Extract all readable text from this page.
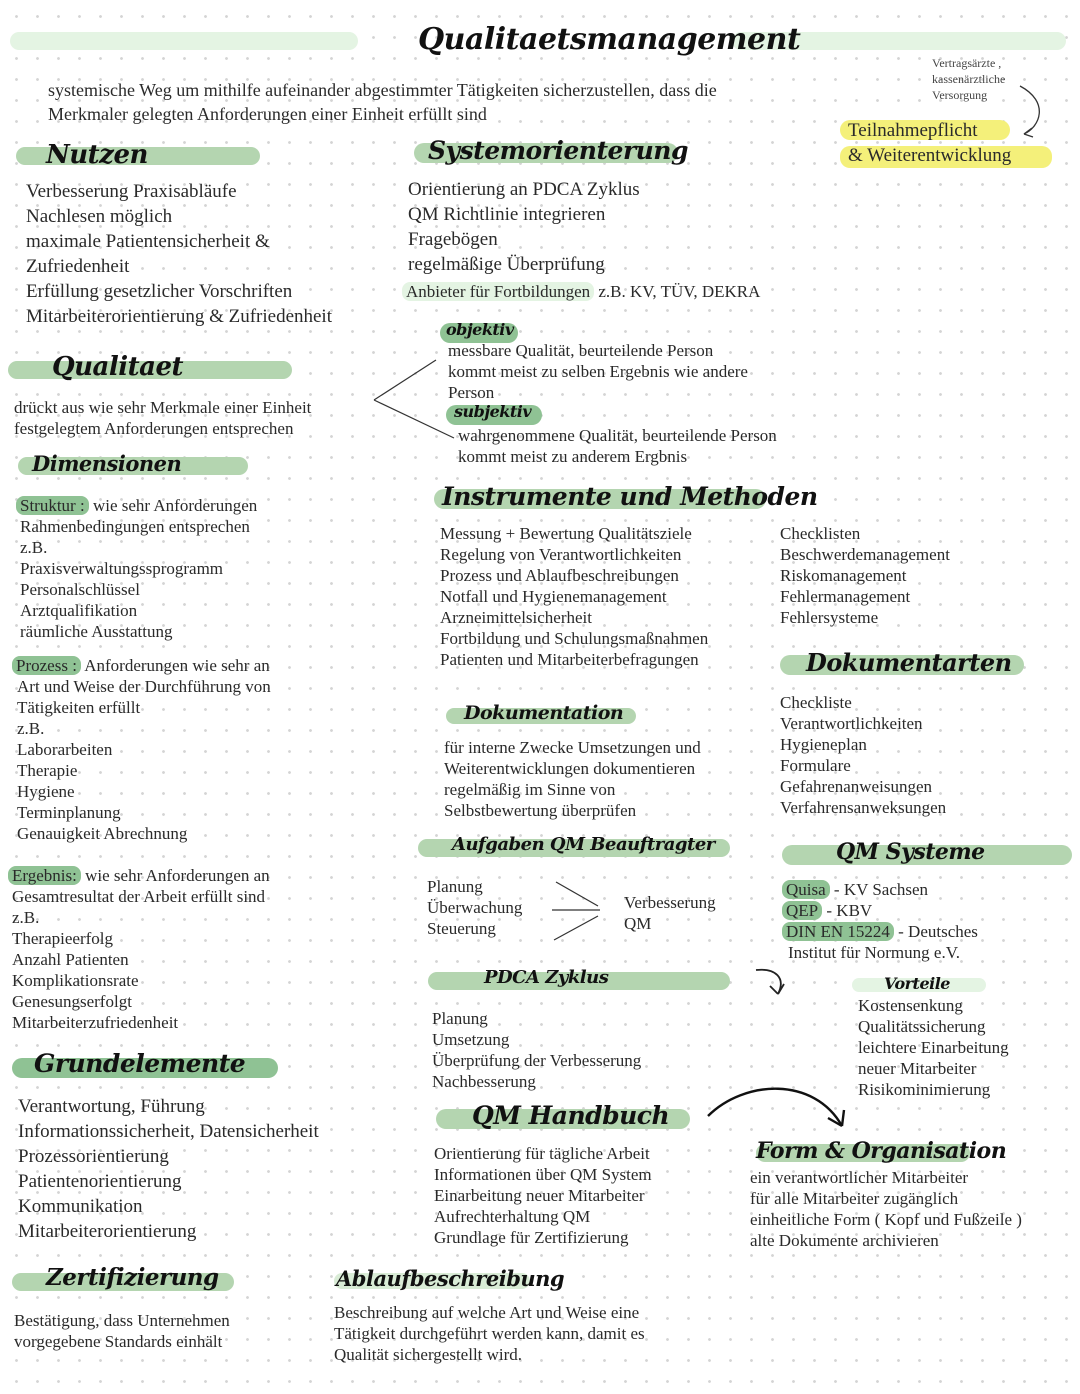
Qualitaetsmanagement
systemische Weg um mithilfe aufeinander abgestimmter Tätigkeiten sicherzustellen, dass die
Merkmaler gelegten Anforderungen einer Einheit erfüllt sind
Vertragsärzte ,
kassenärztliche
Versorgung
Teilnahmepflicht
& Weiterentwicklung
Nutzen
Verbesserung Praxisabläufe
Nachlesen möglich
maximale Patientensicherheit &
Zufriedenheit
Erfüllung gesetzlicher Vorschriften
Mitarbeiterorientierung & Zufriedenheit
Systemorienterung
Orientierung an PDCA Zyklus
QM Richtlinie integrieren
Fragebögen
regelmäßige Überprüfung
Anbieter für Fortbildungen z.B. KV, TÜV, DEKRA
Qualitaet
drückt aus wie sehr Merkmale einer Einheit
festgelegtem Anforderungen entsprechen
objektiv
messbare Qualität, beurteilende Person
kommt meist zu selben Ergebnis wie andere
Person
subjektiv
wahrgenommene Qualität, beurteilende Person
kommt meist zu anderem Ergbnis
Dimensionen
Struktur : wie sehr Anforderungen
Rahmenbedingungen entsprechen
z.B.
Praxisverwaltungssprogramm
Personalschlüssel
Arztqualifikation
räumliche Ausstattung
Prozess : Anforderungen wie sehr an
Art und Weise der Durchführung von
Tätigkeiten erfüllt
z.B.
Laborarbeiten
Therapie
Hygiene
Terminplanung
Genauigkeit Abrechnung
Ergebnis: wie sehr Anforderungen an
Gesamtresultat der Arbeit erfüllt sind
z.B.
Therapieerfolg
Anzahl Patienten
Komplikationsrate
Genesungserfolgt
Mitarbeiterzufriedenheit
Instrumente und Methoden
Messung + Bewertung Qualitätsziele
Regelung von Verantwortlichkeiten
Prozess und Ablaufbeschreibungen
Notfall und Hygienemanagement
Arzneimittelsicherheit
Fortbildung und Schulungsmaßnahmen
Patienten und Mitarbeiterbefragungen
Checklisten
Beschwerdemanagement
Riskomanagement
Fehlermanagement
Fehlersysteme
Dokumentarten
Checkliste
Verantwortlichkeiten
Hygieneplan
Formulare
Gefahrenanweisungen
Verfahrensanweksungen
Dokumentation
für interne Zwecke Umsetzungen und
Weiterentwicklungen dokumentieren
regelmäßig im Sinne von
Selbstbewertung überprüfen
Aufgaben QM Beauftragter
Planung
Überwachung
Steuerung
Verbesserung
QM
QM Systeme
Quisa - KV Sachsen
QEP - KBV
DIN EN 15224 - Deutsches
Institut für Normung e.V.
PDCA Zyklus
Planung
Umsetzung
Überprüfung der Verbesserung
Nachbesserung
Vorteile
Kostensenkung
Qualitätssicherung
leichtere Einarbeitung
neuer Mitarbeiter
Risikominimierung
Grundelemente
Verantwortung, Führung
Informationssicherheit, Datensicherheit
Prozessorientierung
Patientenorientierung
Kommunikation
Mitarbeiterorientierung
QM Handbuch
Orientierung für tägliche Arbeit
Informationen über QM System
Einarbeitung neuer Mitarbeiter
Aufrechterhaltung QM
Grundlage für Zertifizierung
Form & Organisation
ein verantwortlicher Mitarbeiter
für alle Mitarbeiter zugänglich
einheitliche Form ( Kopf und Fußzeile )
alte Dokumente archivieren
Zertifizierung
Bestätigung, dass Unternehmen
vorgegebene Standards einhält
Ablaufbeschreibung
Beschreibung auf welche Art und Weise eine
Tätigkeit durchgeführt werden kann, damit es
Qualität sichergestellt wird.
